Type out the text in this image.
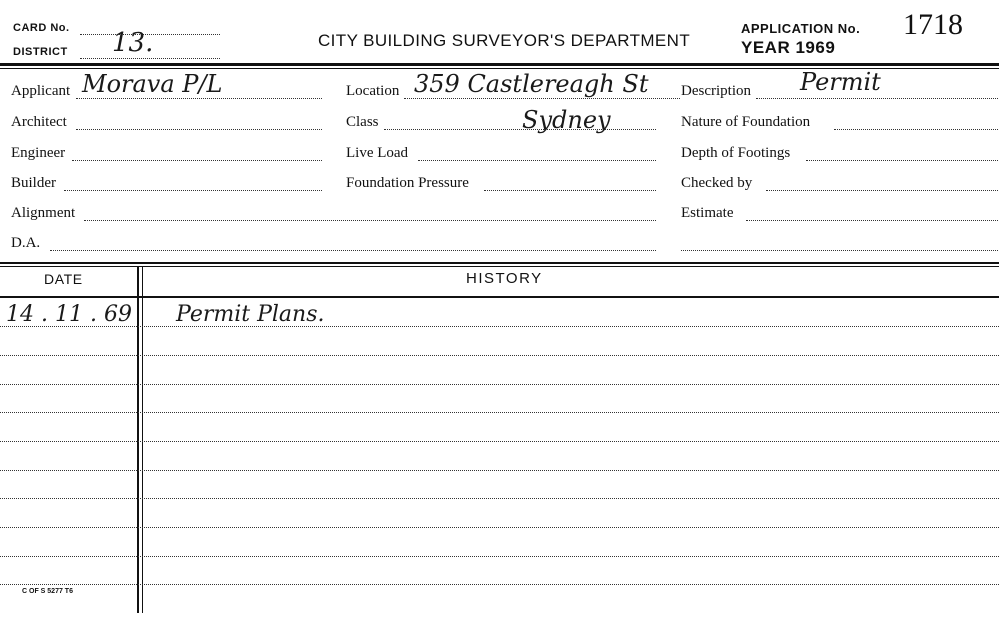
CARD No.
DISTRICT 13.	CITY BUILDING SURVEYOR'S DEPARTMENT
APPLICATION No. 1718
YEAR 1969
Applicant Morava P/L
Architect
Engineer
Builder
Alignment
D.A.
Location 359 Castlereagh St
Class	Sydney
Live Load
Foundation Pressure
Description Permit
Nature of Foundation
Depth of Footings
Checked by
Estimate
DATE	HISTORY
14 . 11 . 69 Permit Plans.
C OF S 5277 T6
